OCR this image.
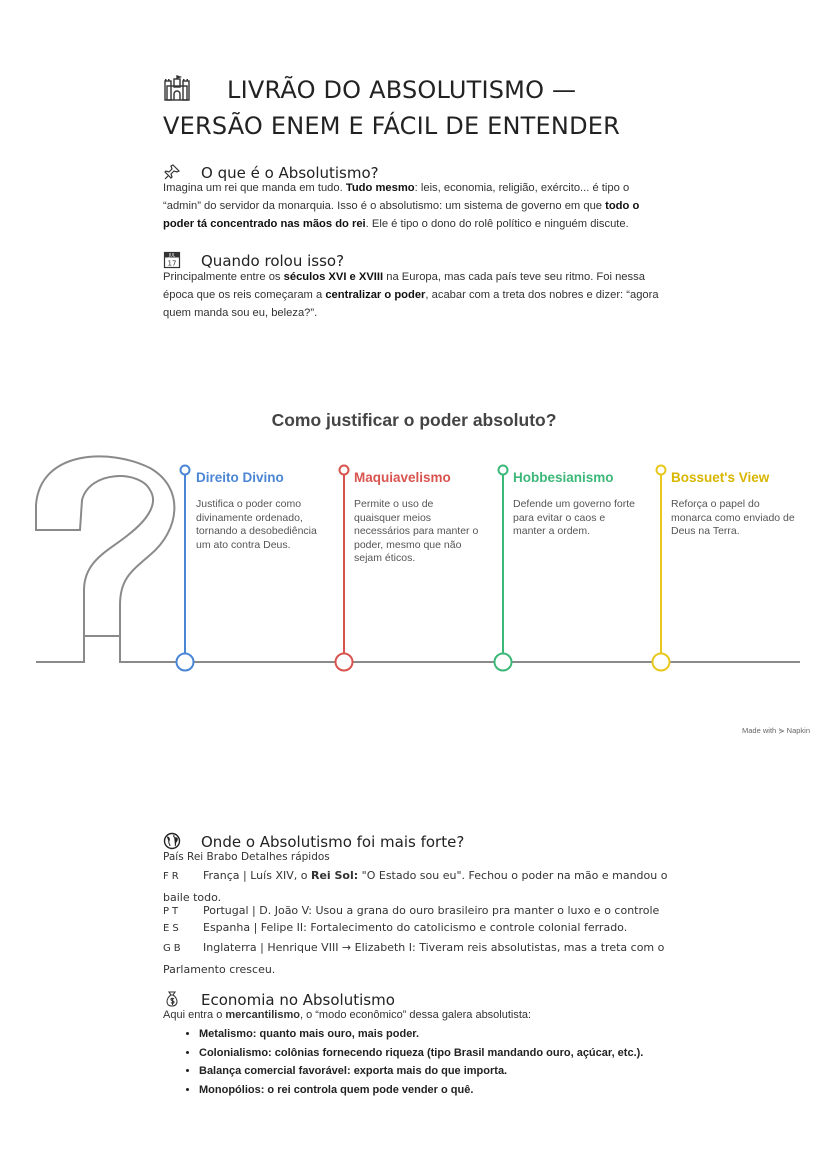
LIVRÃO DO ABSOLUTISMO —
VERSÃO ENEM E FÁCIL DE ENTENDER
O que é o Absolutismo?
Imagina um rei que manda em tudo. Tudo mesmo: leis, economia, religião, exército... é tipo o “admin” do servidor da monarquia. Isso é o absolutismo: um sistema de governo em que todo o poder tá concentrado nas mãos do rei. Ele é tipo o dono do rolê político e ninguém discute.
JUL
17 Quando rolou isso?
Principalmente entre os séculos XVI e XVIII na Europa, mas cada país teve seu ritmo. Foi nessa época que os reis começaram a centralizar o poder, acabar com a treta dos nobres e dizer: “agora quem manda sou eu, beleza?”.
Como justificar o poder absoluto?
Direito Divino
Justifica o poder como divinamente ordenado, tornando a desobediência um ato contra Deus.
Maquiavelismo
Permite o uso de quaisquer meios necessários para manter o poder, mesmo que não sejam éticos.
Hobbesianismo
Defende um governo forte para evitar o caos e manter a ordem.
Bossuet's View
Reforça o papel do monarca como enviado de Deus na Terra.
Made with ⋟ Napkin
Onde o Absolutismo foi mais forte?
País Rei Brabo Detalhes rápidos
FR França | Luís XIV, o Rei Sol: "O Estado sou eu". Fechou o poder na mão e mandou o baile todo.
PT Portugal | D. João V: Usou a grana do ouro brasileiro pra manter o luxo e o controle
ES Espanha | Felipe II: Fortalecimento do catolicismo e controle colonial ferrado.
GB Inglaterra | Henrique VIII → Elizabeth I: Tiveram reis absolutistas, mas a treta com o Parlamento cresceu.
Economia no Absolutismo
Aqui entra o mercantilismo, o “modo econômico” dessa galera absolutista:
• Metalismo: quanto mais ouro, mais poder.
• Colonialismo: colônias fornecendo riqueza (tipo Brasil mandando ouro, açúcar, etc.).
• Balança comercial favorável: exporta mais do que importa.
• Monopólios: o rei controla quem pode vender o quê.
